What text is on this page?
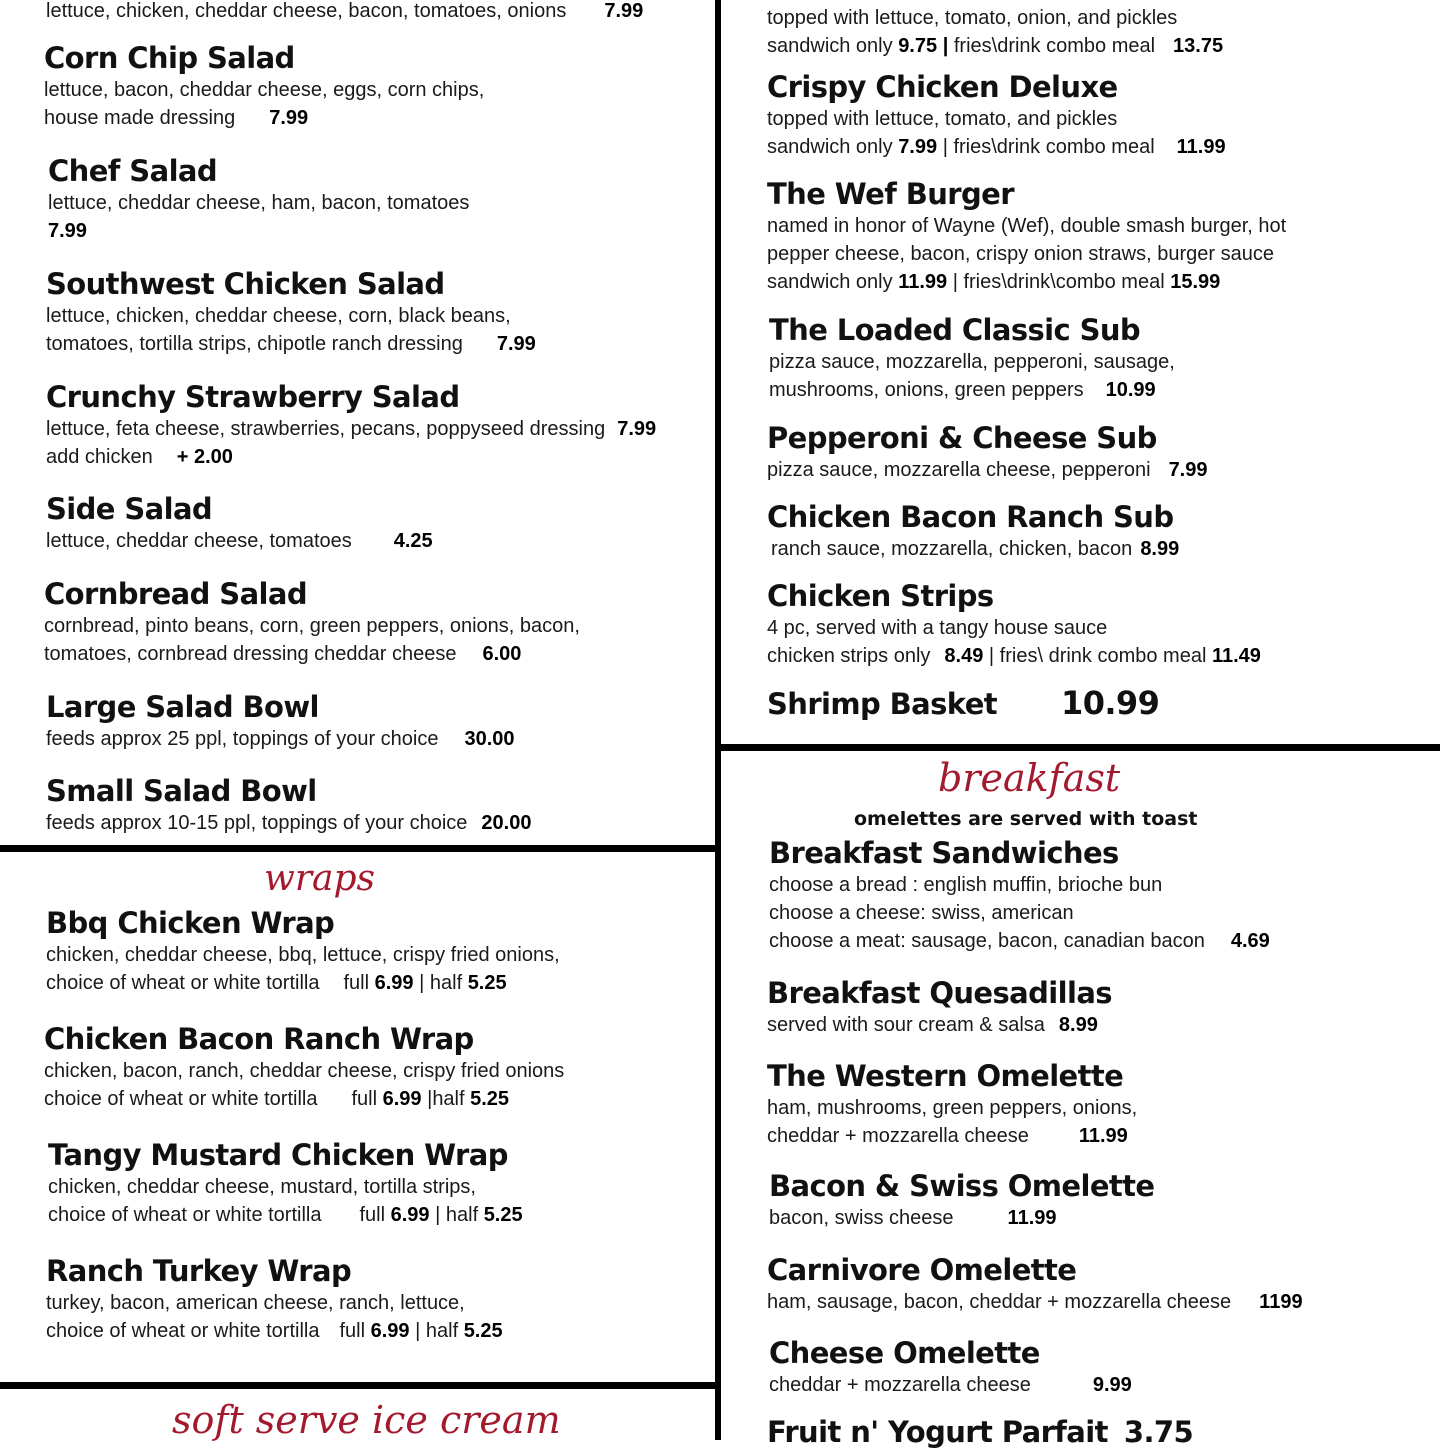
lettuce, chicken, cheddar cheese, bacon, tomatoes, onions 7.99
Corn Chip Salad
lettuce, bacon, cheddar cheese, eggs, corn chips,
house made dressing 7.99
Chef Salad
lettuce, cheddar cheese, ham, bacon, tomatoes
7.99
Southwest Chicken Salad
lettuce, chicken, cheddar cheese, corn, black beans,
tomatoes, tortilla strips, chipotle ranch dressing 7.99
Crunchy Strawberry Salad
lettuce, feta cheese, strawberries, pecans, poppyseed dressing 7.99
add chicken + 2.00
Side Salad
lettuce, cheddar cheese, tomatoes 4.25
Cornbread Salad
cornbread, pinto beans, corn, green peppers, onions, bacon,
tomatoes, cornbread dressing cheddar cheese 6.00
Large Salad Bowl
feeds approx 25 ppl, toppings of your choice 30.00
Small Salad Bowl
feeds approx 10-15 ppl, toppings of your choice 20.00
wraps
Bbq Chicken Wrap
chicken, cheddar cheese, bbq, lettuce, crispy fried onions,
choice of wheat or white tortilla full 6.99 | half 5.25
Chicken Bacon Ranch Wrap
chicken, bacon, ranch, cheddar cheese, crispy fried onions
choice of wheat or white tortilla full 6.99 |half 5.25
Tangy Mustard Chicken Wrap
chicken, cheddar cheese, mustard, tortilla strips,
choice of wheat or white tortilla full 6.99 | half 5.25
Ranch Turkey Wrap
turkey, bacon, american cheese, ranch, lettuce,
choice of wheat or white tortilla full 6.99 | half 5.25
soft serve ice cream
topped with lettuce, tomato, onion, and pickles
sandwich only 9.75 | fries\drink combo meal 13.75
Crispy Chicken Deluxe
topped with lettuce, tomato, and pickles
sandwich only 7.99 | fries\drink combo meal 11.99
The Wef Burger
named in honor of Wayne (Wef), double smash burger, hot
pepper cheese, bacon, crispy onion straws, burger sauce
sandwich only 11.99 | fries\drink\combo meal 15.99
The Loaded Classic Sub
pizza sauce, mozzarella, pepperoni, sausage,
mushrooms, onions, green peppers 10.99
Pepperoni & Cheese Sub
pizza sauce, mozzarella cheese, pepperoni 7.99
Chicken Bacon Ranch Sub
ranch sauce, mozzarella, chicken, bacon 8.99
Chicken Strips
4 pc, served with a tangy house sauce
chicken strips only 8.49 | fries\ drink combo meal 11.49
Shrimp Basket 10.99
breakfast
omelettes are served with toast
Breakfast Sandwiches
choose a bread : english muffin, brioche bun
choose a cheese: swiss, american
choose a meat: sausage, bacon, canadian bacon 4.69
Breakfast Quesadillas
served with sour cream & salsa 8.99
The Western Omelette
ham, mushrooms, green peppers, onions,
cheddar + mozzarella cheese	11.99
Bacon & Swiss Omelette
bacon, swiss cheese	11.99
Carnivore Omelette
ham, sausage, bacon, cheddar + mozzarella cheese 1199
Cheese Omelette
cheddar + mozzarella cheese	9.99
Fruit n' Yogurt Parfait 3.75
